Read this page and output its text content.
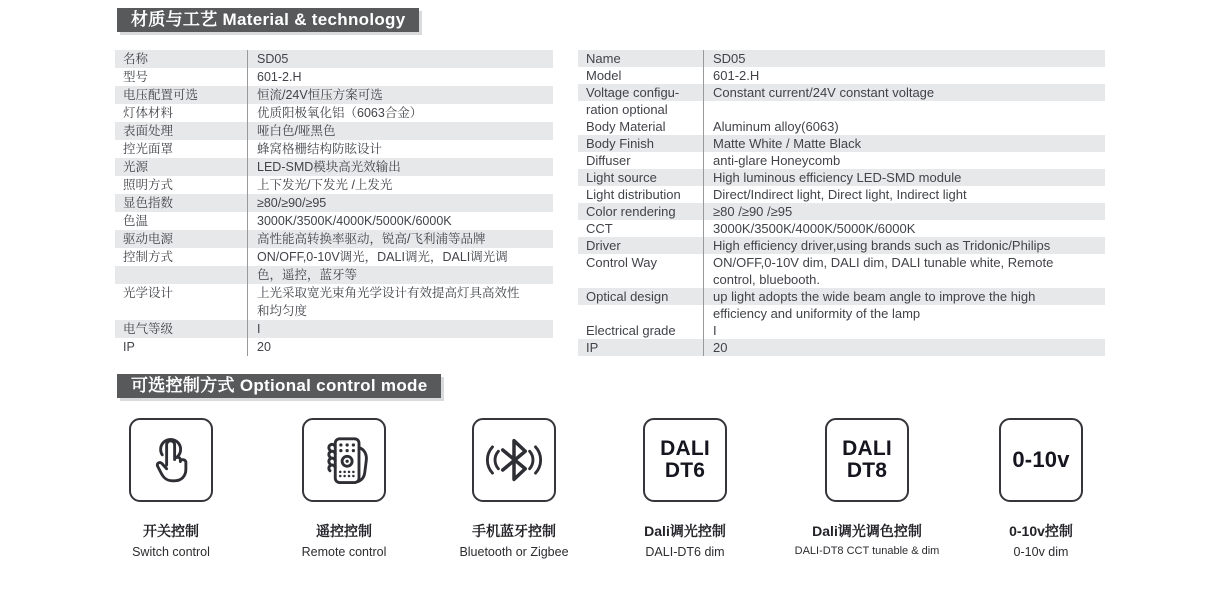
材质与工艺 Material & technology
名称	SD05
型号	601-2.H
电压配置可选	恒流/24V恒压方案可选
灯体材料	优质阳极氧化铝（6063合金）
表面处理	哑白色/哑黑色
控光面罩	蜂窝格栅结构防眩设计
光源	LED-SMD模块高光效输出
照明方式	上下发光/下发光 /上发光
显色指数	≥80/≥90/≥95
色温	3000K/3500K/4000K/5000K/6000K
驱动电源	高性能高转换率驱动，锐高/飞利浦等品牌
控制方式	ON/OFF,0-10V调光，DALI调光，DALI调光调
色，遥控，蓝牙等
光学设计	上光采取宽光束角光学设计有效提高灯具高效性
和均匀度
电气等级	I
IP	20
Name	SD05
Model	601-2.H
Voltage configu-	Constant current/24V constant voltage
ration optional
Body Material	Aluminum alloy(6063)
Body Finish	Matte White / Matte Black
Diffuser	anti-glare Honeycomb
Light source	High luminous efficiency LED-SMD module
Light distribution	Direct/Indirect light, Direct light, Indirect light
Color rendering	≥80 /≥90 /≥95
CCT	3000K/3500K/4000K/5000K/6000K
Driver	High efficiency driver,using brands such as Tridonic/Philips
Control Way	ON/OFF,0-10V dim, DALI dim, DALI tunable white, Remote
control, bluebooth.
Optical design	up light adopts the wide beam angle to improve the high
efficiency and uniformity of the lamp
Electrical grade	I
IP	20
可选控制方式 Optional control mode
开关控制
Switch control
遥控控制
Remote control
手机蓝牙控制
Bluetooth or Zigbee
DALI
DT6
Dali调光控制
DALI-DT6 dim
DALI
DT8
Dali调光调色控制
DALI-DT8 CCT tunable & dim
0-10v
0-10v控制
0-10v dim
